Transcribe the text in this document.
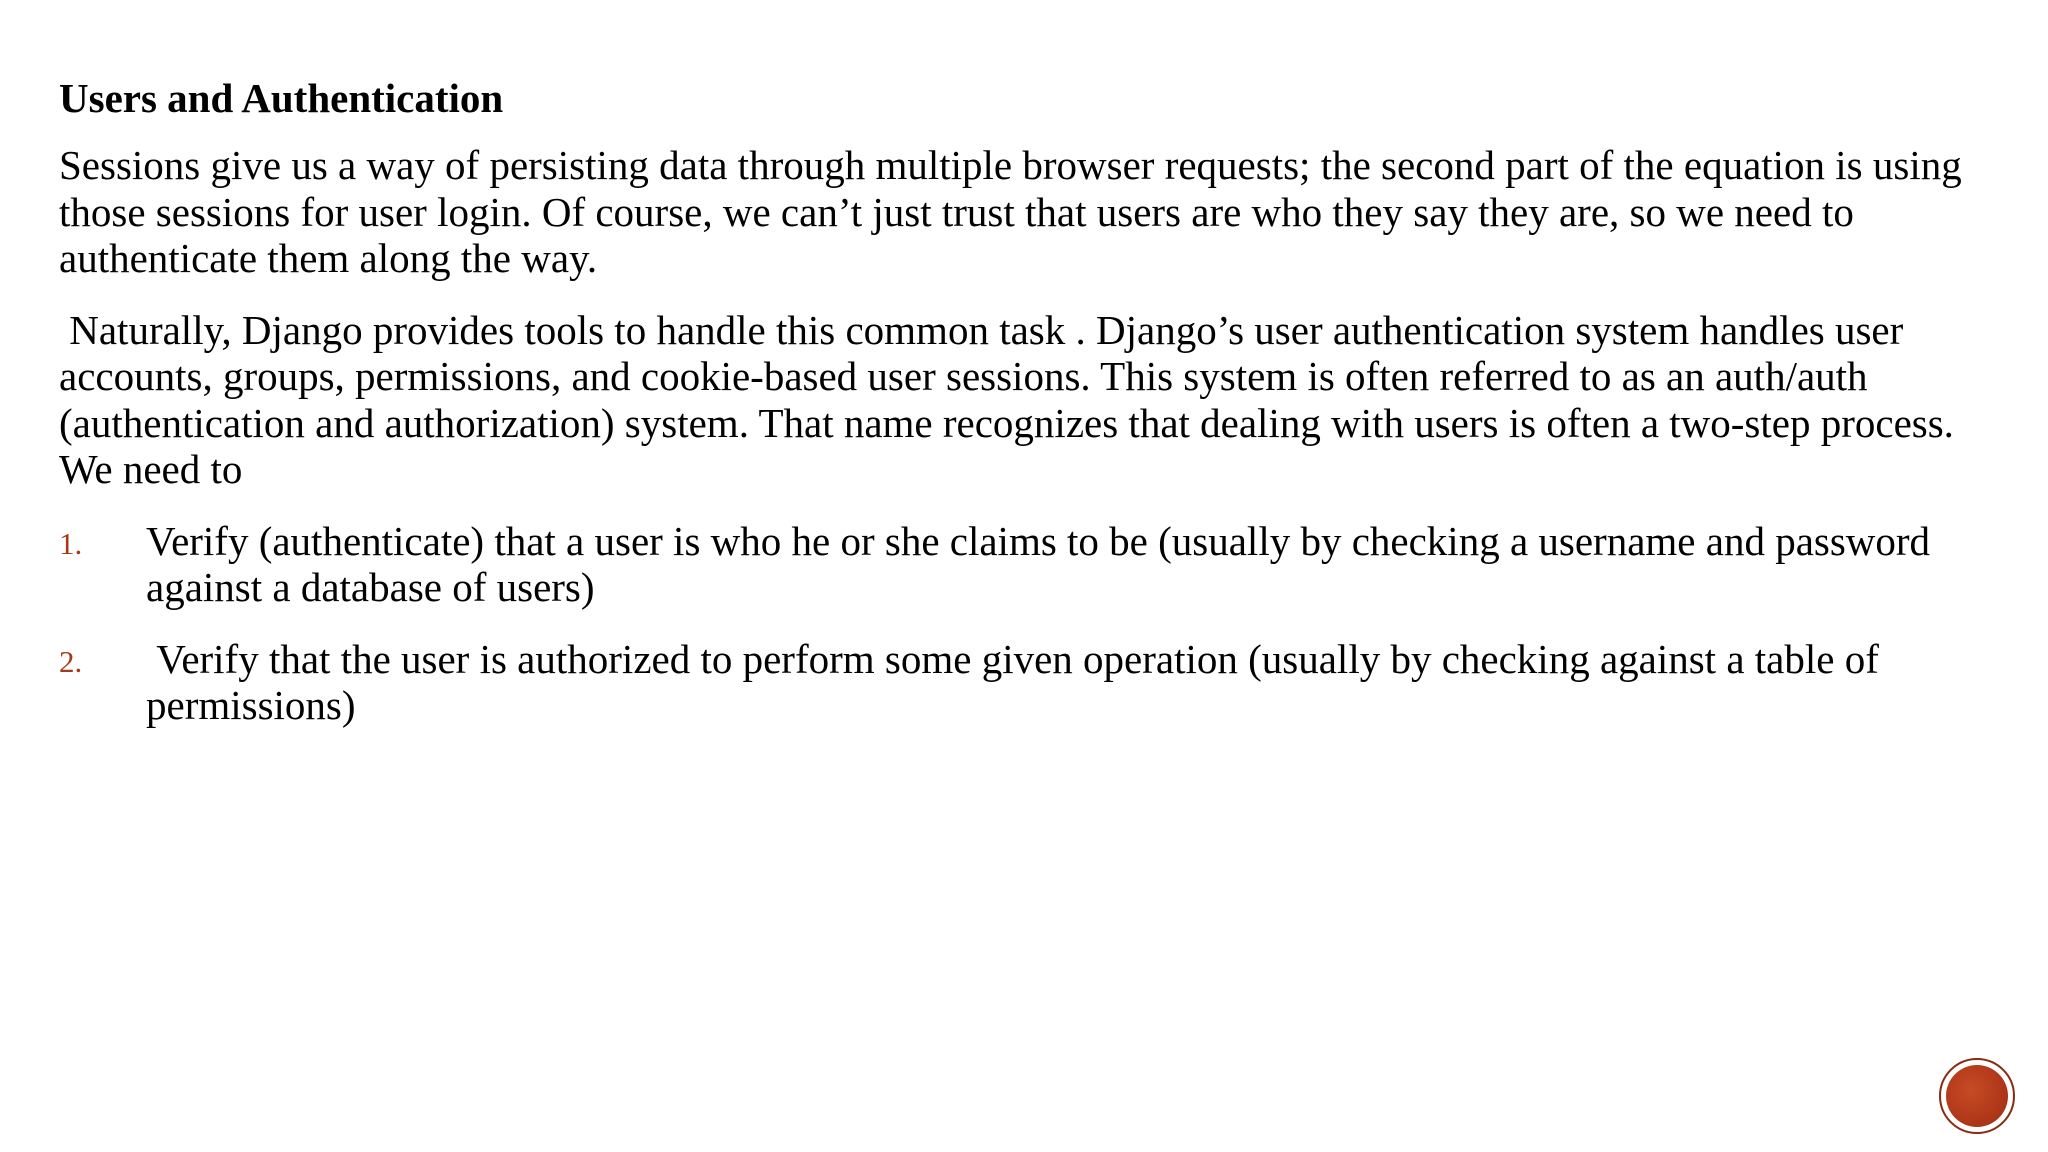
Users and Authentication

Sessions give us a way of persisting data through multiple browser requests; the second part of the equation is using those sessions for user login. Of course, we can’t just trust that users are who they say they are, so we need to authenticate them along the way.

Naturally, Django provides tools to handle this common task . Django’s user authentication system handles user accounts, groups, permissions, and cookie-based user sessions. This system is often referred to as an auth/auth (authentication and authorization) system. That name recognizes that dealing with users is often a two-step process. We need to

1. Verify (authenticate) that a user is who he or she claims to be (usually by checking a username and password against a database of users)
2. Verify that the user is authorized to perform some given operation (usually by checking against a table of permissions)
